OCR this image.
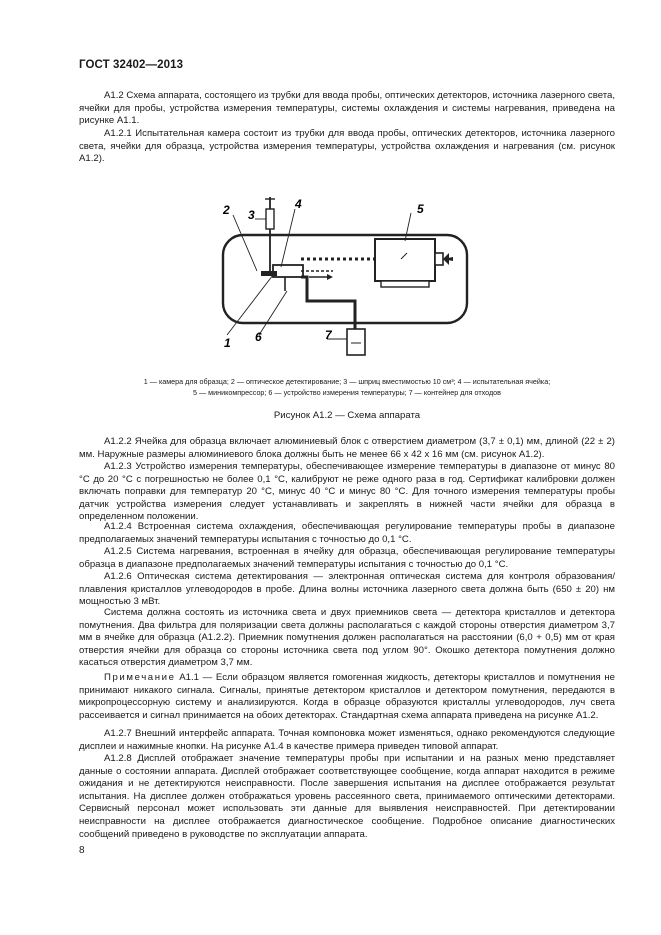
ГОСТ 32402—2013

А1.2 Схема аппарата, состоящего из трубки для ввода пробы, оптических детекторов, источника лазерного света, ячейки для пробы, устройства измерения температуры, системы охлаждения и системы нагревания, приведена на рисунке А1.1.

А1.2.1 Испытательная камера состоит из трубки для ввода пробы, оптических детекторов, источника лазерного света, ячейки для образца, устройства измерения температуры, устройства охлаждения и нагревания (см. рисунок А1.2).

2 3
4	5
1 6	7
1 — камера для образца; 2 — оптическое детектирование; 3 — шприц вместимостью 10 см³; 4 — испытательная ячейка;
5 — миникомпрессор; 6 — устройство измерения температуры; 7 — контейнер для отходов
Рисунок А1.2 — Схема аппарата

А1.2.2 Ячейка для образца включает алюминиевый блок с отверстием диаметром (3,7 ± 0,1) мм, длиной (22 ± 2) мм. Наружные размеры алюминиевого блока должны быть не менее 66 х 42 х 16 мм (см. рисунок А1.2).

А1.2.3 Устройство измерения температуры, обеспечивающее измерение температуры в диапазоне от минус 80 °С до 20 °С с погрешностью не более 0,1 °С, калибруют не реже одного раза в год. Сертификат калибровки должен включать поправки для температур 20 °С, минус 40 °С и минус 80 °С. Для точного измерения температуры пробы датчик устройства измерения следует устанавливать и закреплять в нижней части ячейки для образца в определенном положении.

А1.2.4 Встроенная система охлаждения, обеспечивающая регулирование температуры пробы в диапазоне предполагаемых значений температуры испытания с точностью до 0,1 °С.

А1.2.5 Система нагревания, встроенная в ячейку для образца, обеспечивающая регулирование температуры образца в диапазоне предполагаемых значений температуры испытания с точностью до 0,1 °С.

А1.2.6 Оптическая система детектирования — электронная оптическая система для контроля образования/плавления кристаллов углеводородов в пробе. Длина волны источника лазерного света должна быть (650 ± 20) нм мощностью 3 мВт.

Система должна состоять из источника света и двух приемников света — детектора кристаллов и детектора помутнения. Два фильтра для поляризации света должны располагаться с каждой стороны отверстия диаметром 3,7 мм в ячейке для образца (А1.2.2). Приемник помутнения должен располагаться на расстоянии (6,0 + 0,5) мм от края отверстия ячейки для образца со стороны источника света под углом 90°. Окошко детектора помутнения должно касаться отверстия диаметром 3,7 мм.

Примечание А1.1 — Если образцом является гомогенная жидкость, детекторы кристаллов и помутнения не принимают никакого сигнала. Сигналы, принятые детектором кристаллов и детектором помутнения, передаются в микропроцессорную систему и анализируются. Когда в образце образуются кристаллы углеводородов, луч света рассеивается и сигнал принимается на обоих детекторах. Стандартная схема аппарата приведена на рисунке А1.2.

А1.2.7 Внешний интерфейс аппарата. Точная компоновка может изменяться, однако рекомендуются следующие дисплеи и нажимные кнопки. На рисунке А1.4 в качестве примера приведен типовой аппарат.

А1.2.8 Дисплей отображает значение температуры пробы при испытании и на разных меню представляет данные о состоянии аппарата. Дисплей отображает соответствующее сообщение, когда аппарат находится в режиме ожидания и не детектируются неисправности. После завершения испытания на дисплее отображается результат испытания. На дисплее должен отображаться уровень рассеянного света, принимаемого оптическими детекторами. Сервисный персонал может использовать эти данные для выявления неисправностей. При детектировании неисправности на дисплее отображается диагностическое сообщение. Подробное описание диагностических сообщений приведено в руководстве по эксплуатации аппарата.

8
